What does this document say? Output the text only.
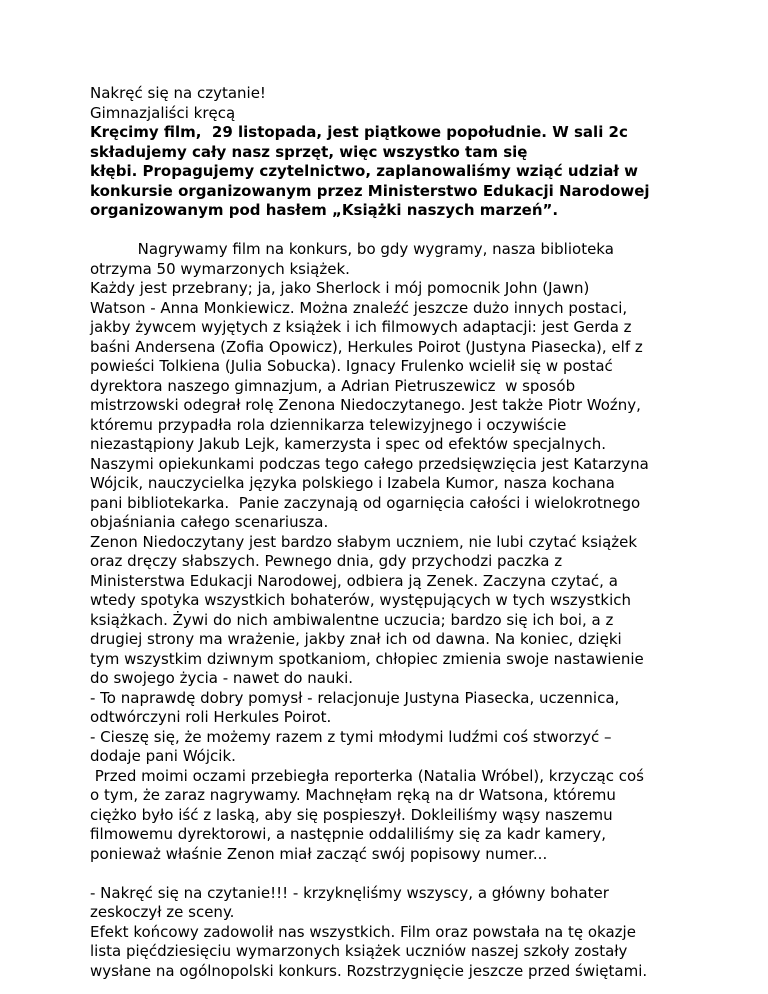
Nakręć się na czytanie!
Gimnazjaliści kręcą
Kręcimy film,  29 listopada, jest piątkowe popołudnie. W sali 2c
składujemy cały nasz sprzęt, więc wszystko tam się
kłębi. Propagujemy czytelnictwo, zaplanowaliśmy wziąć udział w
konkursie organizowanym przez Ministerstwo Edukacji Narodowej
organizowanym pod hasłem „Książki naszych marzeń”.
Nagrywamy film na konkurs, bo gdy wygramy, nasza biblioteka
otrzyma 50 wymarzonych książek.
Każdy jest przebrany; ja, jako Sherlock i mój pomocnik John (Jawn)
Watson - Anna Monkiewicz. Można znaleźć jeszcze dużo innych postaci,
jakby żywcem wyjętych z książek i ich filmowych adaptacji: jest Gerda z
baśni Andersena (Zofia Opowicz), Herkules Poirot (Justyna Piasecka), elf z
powieści Tolkiena (Julia Sobucka). Ignacy Frulenko wcielił się w postać
dyrektora naszego gimnazjum, a Adrian Pietruszewicz  w sposób
mistrzowski odegrał rolę Zenona Niedoczytanego. Jest także Piotr Woźny,
któremu przypadła rola dziennikarza telewizyjnego i oczywiście
niezastąpiony Jakub Lejk, kamerzysta i spec od efektów specjalnych.
Naszymi opiekunkami podczas tego całego przedsięwzięcia jest Katarzyna
Wójcik, nauczycielka języka polskiego i Izabela Kumor, nasza kochana
pani bibliotekarka.  Panie zaczynają od ogarnięcia całości i wielokrotnego
objaśniania całego scenariusza.
Zenon Niedoczytany jest bardzo słabym uczniem, nie lubi czytać książek
oraz dręczy słabszych. Pewnego dnia, gdy przychodzi paczka z
Ministerstwa Edukacji Narodowej, odbiera ją Zenek. Zaczyna czytać, a
wtedy spotyka wszystkich bohaterów, występujących w tych wszystkich
książkach. Żywi do nich ambiwalentne uczucia; bardzo się ich boi, a z
drugiej strony ma wrażenie, jakby znał ich od dawna. Na koniec, dzięki
tym wszystkim dziwnym spotkaniom, chłopiec zmienia swoje nastawienie
do swojego życia - nawet do nauki.
- To naprawdę dobry pomysł - relacjonuje Justyna Piasecka, uczennica,
odtwórczyni roli Herkules Poirot.
- Cieszę się, że możemy razem z tymi młodymi ludźmi coś stworzyć –
dodaje pani Wójcik.
Przed moimi oczami przebiegła reporterka (Natalia Wróbel), krzycząc coś
o tym, że zaraz nagrywamy. Machnęłam ręką na dr Watsona, któremu
ciężko było iść z laską, aby się pospieszył. Dokleiliśmy wąsy naszemu
filmowemu dyrektorowi, a następnie oddaliliśmy się za kadr kamery,
ponieważ właśnie Zenon miał zacząć swój popisowy numer...
- Nakręć się na czytanie!!! - krzyknęliśmy wszyscy, a główny bohater
zeskoczył ze sceny.
Efekt końcowy zadowolił nas wszystkich. Film oraz powstała na tę okazje
lista pięćdziesięciu wymarzonych książek uczniów naszej szkoły zostały
wysłane na ogólnopolski konkurs. Rozstrzygnięcie jeszcze przed świętami.
